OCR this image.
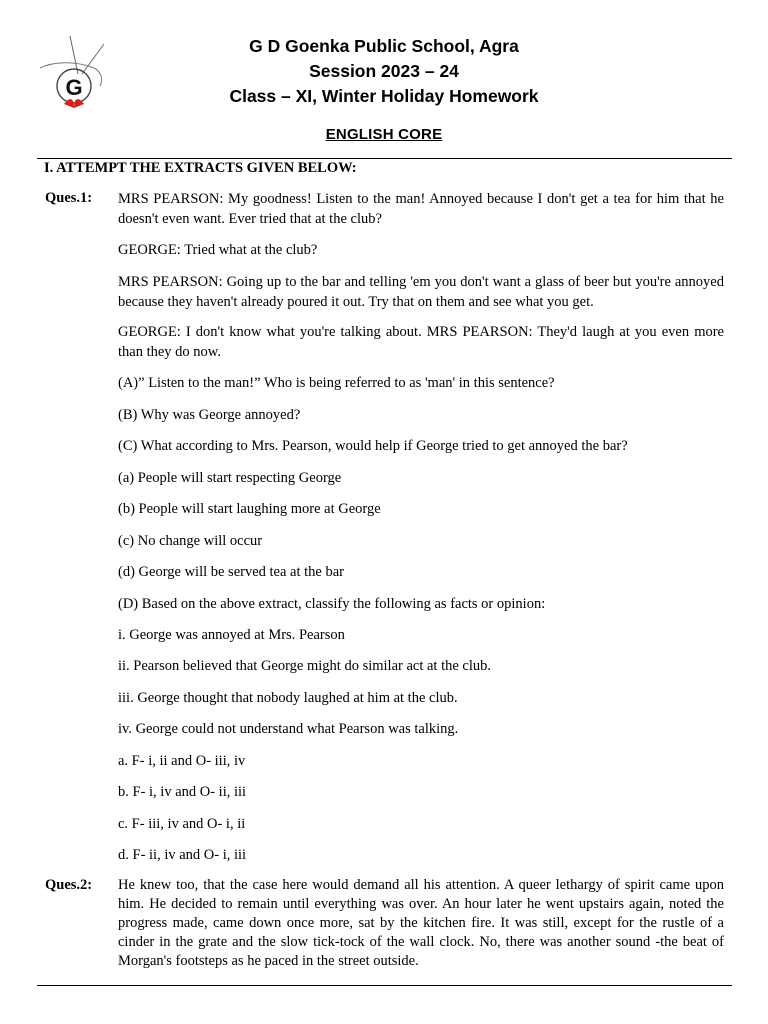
G
G D Goenka Public School, Agra
Session 2023 – 24
Class – XI, Winter Holiday Homework
ENGLISH CORE
I. ATTEMPT THE EXTRACTS GIVEN BELOW:
Ques.1: MRS PEARSON: My goodness! Listen to the man! Annoyed because I don't get a tea for him that he doesn't even want. Ever tried that at the club?
GEORGE: Tried what at the club?
MRS PEARSON: Going up to the bar and telling 'em you don't want a glass of beer but you're annoyed because they haven't already poured it out. Try that on them and see what you get.
GEORGE: I don't know what you're talking about. MRS PEARSON: They'd laugh at you even more than they do now.
(A)” Listen to the man!” Who is being referred to as 'man' in this sentence?
(B) Why was George annoyed?
(C) What according to Mrs. Pearson, would help if George tried to get annoyed the bar?
(a) People will start respecting George
(b) People will start laughing more at George
(c) No change will occur
(d) George will be served tea at the bar
(D) Based on the above extract, classify the following as facts or opinion:
i. George was annoyed at Mrs. Pearson
ii. Pearson believed that George might do similar act at the club.
iii. George thought that nobody laughed at him at the club.
iv. George could not understand what Pearson was talking.
a. F- i, ii and O- iii, iv
b. F- i, iv and O- ii, iii
c. F- iii, iv and O- i, ii
d. F- ii, iv and O- i, iii
Ques.2: He knew too, that the case here would demand all his attention. A queer lethargy of spirit came upon him. He decided to remain until everything was over. An hour later he went upstairs again, noted the progress made, came down once more, sat by the kitchen fire. It was still, except for the rustle of a cinder in the grate and the slow tick-tock of the wall clock. No, there was another sound -the beat of Morgan's footsteps as he paced in the street outside.
